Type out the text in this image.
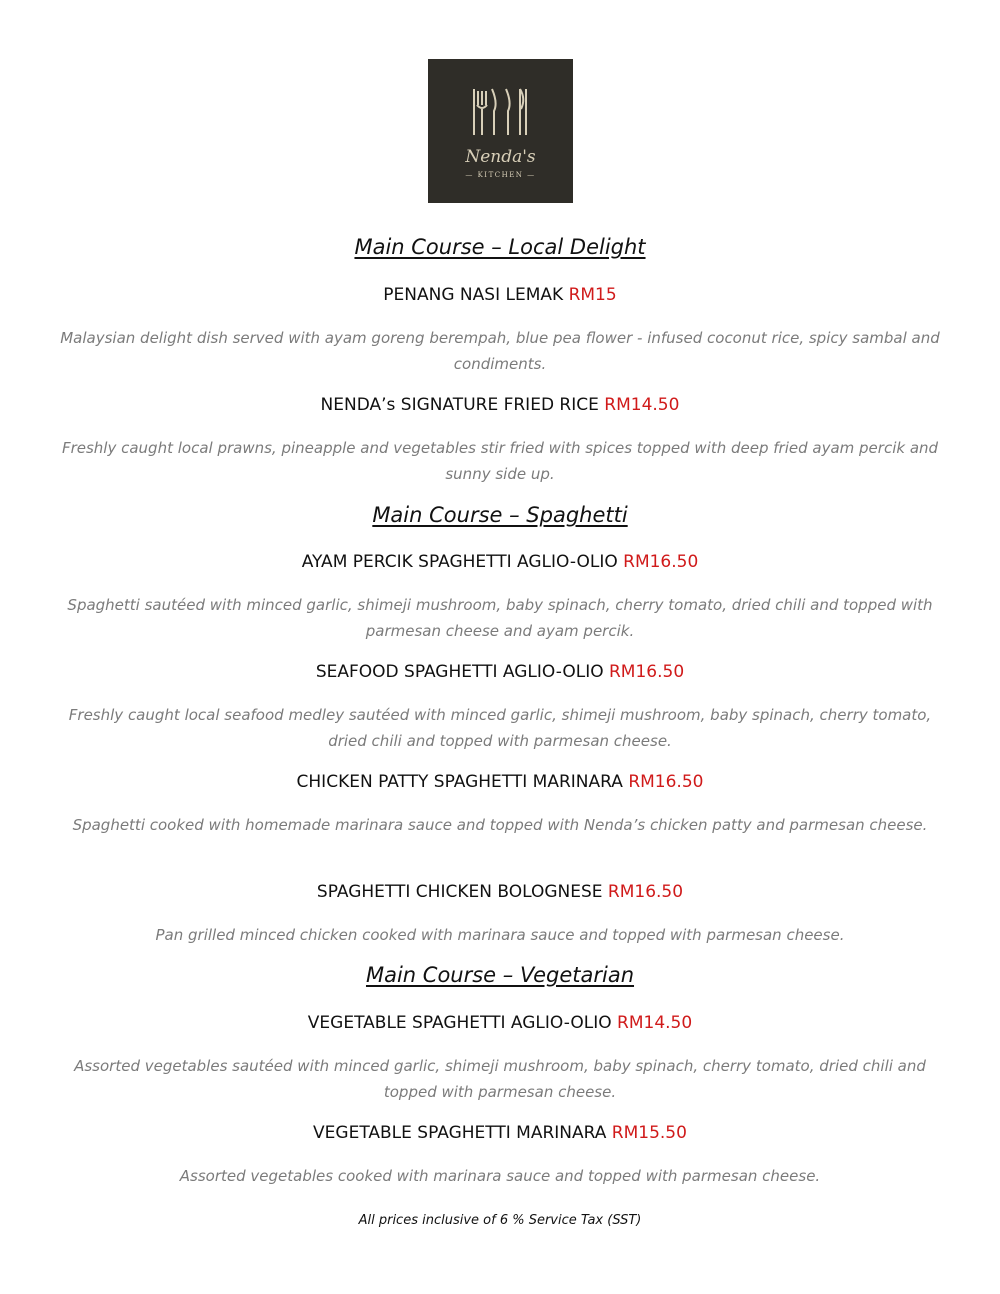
Nenda's
— KITCHEN —
Main Course – Local Delight
PENANG NASI LEMAK RM15
Malaysian delight dish served with ayam goreng berempah, blue pea flower - infused coconut rice, spicy sambal and condiments.
NENDA’s SIGNATURE FRIED RICE RM14.50
Freshly caught local prawns, pineapple and vegetables stir fried with spices topped with deep fried ayam percik and sunny side up.
Main Course – Spaghetti
AYAM PERCIK SPAGHETTI AGLIO-OLIO RM16.50
Spaghetti sautéed with minced garlic, shimeji mushroom, baby spinach, cherry tomato, dried chili and topped with parmesan cheese and ayam percik.
SEAFOOD SPAGHETTI AGLIO-OLIO RM16.50
Freshly caught local seafood medley sautéed with minced garlic, shimeji mushroom, baby spinach, cherry tomato, dried chili and topped with parmesan cheese.
CHICKEN PATTY SPAGHETTI MARINARA RM16.50
Spaghetti cooked with homemade marinara sauce and topped with Nenda’s chicken patty and parmesan cheese.
SPAGHETTI CHICKEN BOLOGNESE RM16.50
Pan grilled minced chicken cooked with marinara sauce and topped with parmesan cheese.
Main Course – Vegetarian
VEGETABLE SPAGHETTI AGLIO-OLIO RM14.50
Assorted vegetables sautéed with minced garlic, shimeji mushroom, baby spinach, cherry tomato, dried chili and topped with parmesan cheese.
VEGETABLE SPAGHETTI MARINARA RM15.50
Assorted vegetables cooked with marinara sauce and topped with parmesan cheese.
All prices inclusive of 6 % Service Tax (SST)
